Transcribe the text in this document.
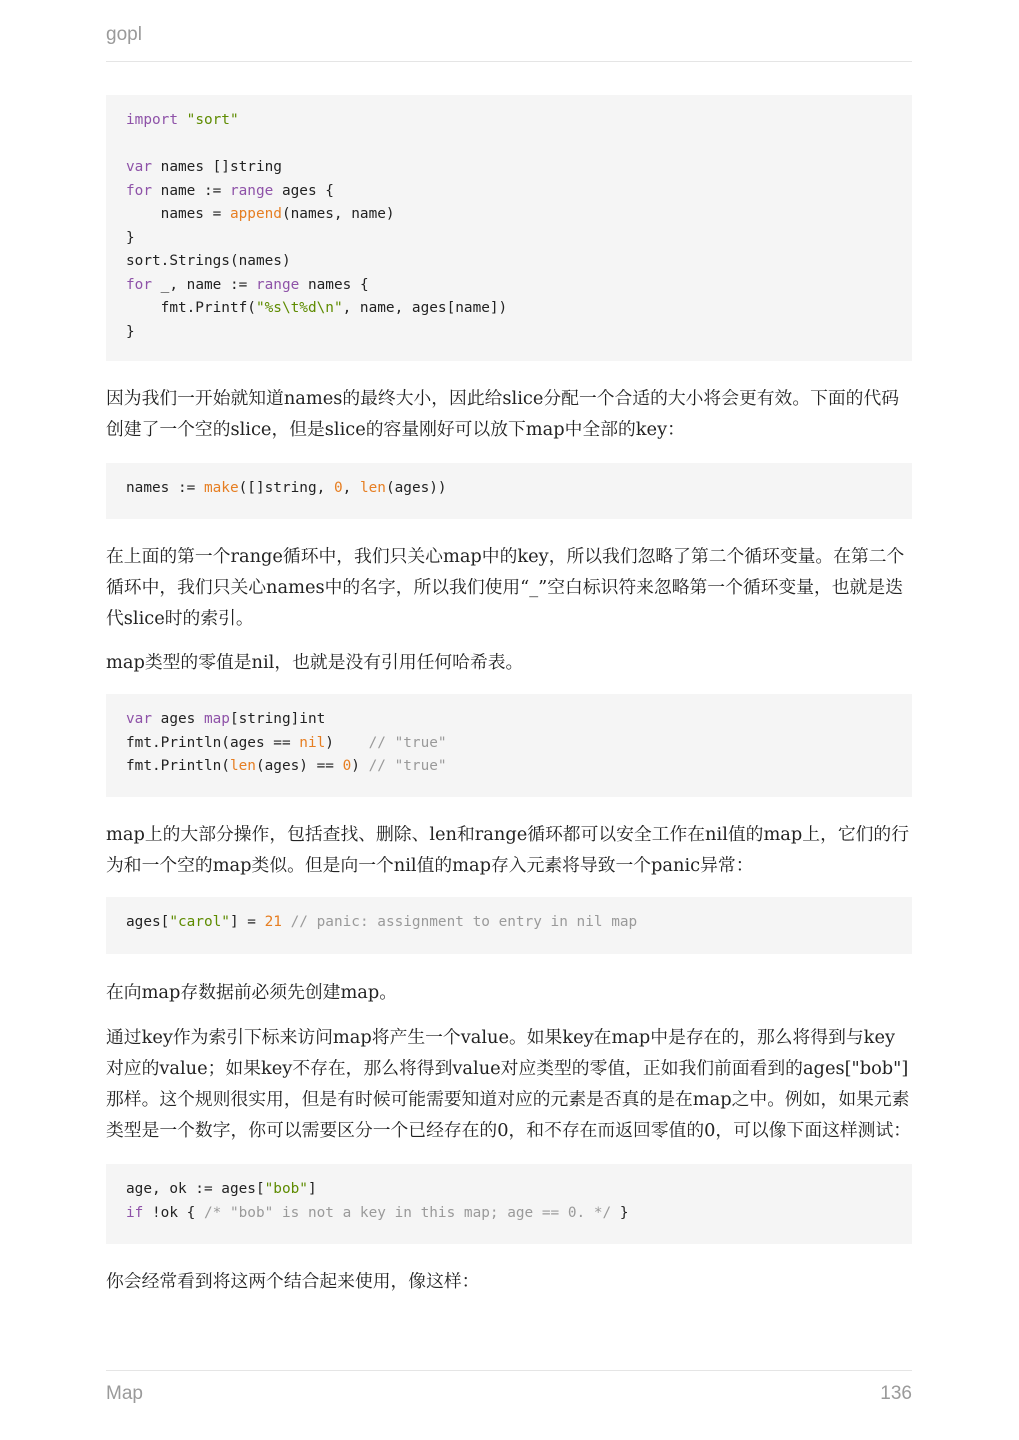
gopl
import "sort"

var names []string
for name := range ages {
names = append(names, name)
}
sort.Strings(names)
for _, name := range names {
fmt.Printf("%s\t%d\n", name, ages[name])
}

因为我们一开始就知道names的最终大小，因此给slice分配一个合适的大小将会更有效。下面的代码创建了一个空的slice，但是slice的容量刚好可以放下map中全部的key：

names := make([]string, 0, len(ages))

在上面的第一个range循环中，我们只关心map中的key，所以我们忽略了第二个循环变量。在第二个循环中，我们只关心names中的名字，所以我们使用“_”空白标识符来忽略第一个循环变量，也就是迭代slice时的索引。

map类型的零值是nil，也就是没有引用任何哈希表。

var ages map[string]int
fmt.Println(ages == nil)    // "true"
fmt.Println(len(ages) == 0) // "true"

map上的大部分操作，包括查找、删除、len和range循环都可以安全工作在nil值的map上，它们的行为和一个空的map类似。但是向一个nil值的map存入元素将导致一个panic异常：

ages["carol"] = 21 // panic: assignment to entry in nil map

在向map存数据前必须先创建map。

通过key作为索引下标来访问map将产生一个value。如果key在map中是存在的，那么将得到与key对应的value；如果key不存在，那么将得到value对应类型的零值，正如我们前面看到的ages["bob"]那样。这个规则很实用，但是有时候可能需要知道对应的元素是否真的是在map之中。例如，如果元素类型是一个数字，你可以需要区分一个已经存在的0，和不存在而返回零值的0，可以像下面这样测试：

age, ok := ages["bob"]
if !ok { /* "bob" is not a key in this map; age == 0. */ }

你会经常看到将这两个结合起来使用，像这样：

Map	136
